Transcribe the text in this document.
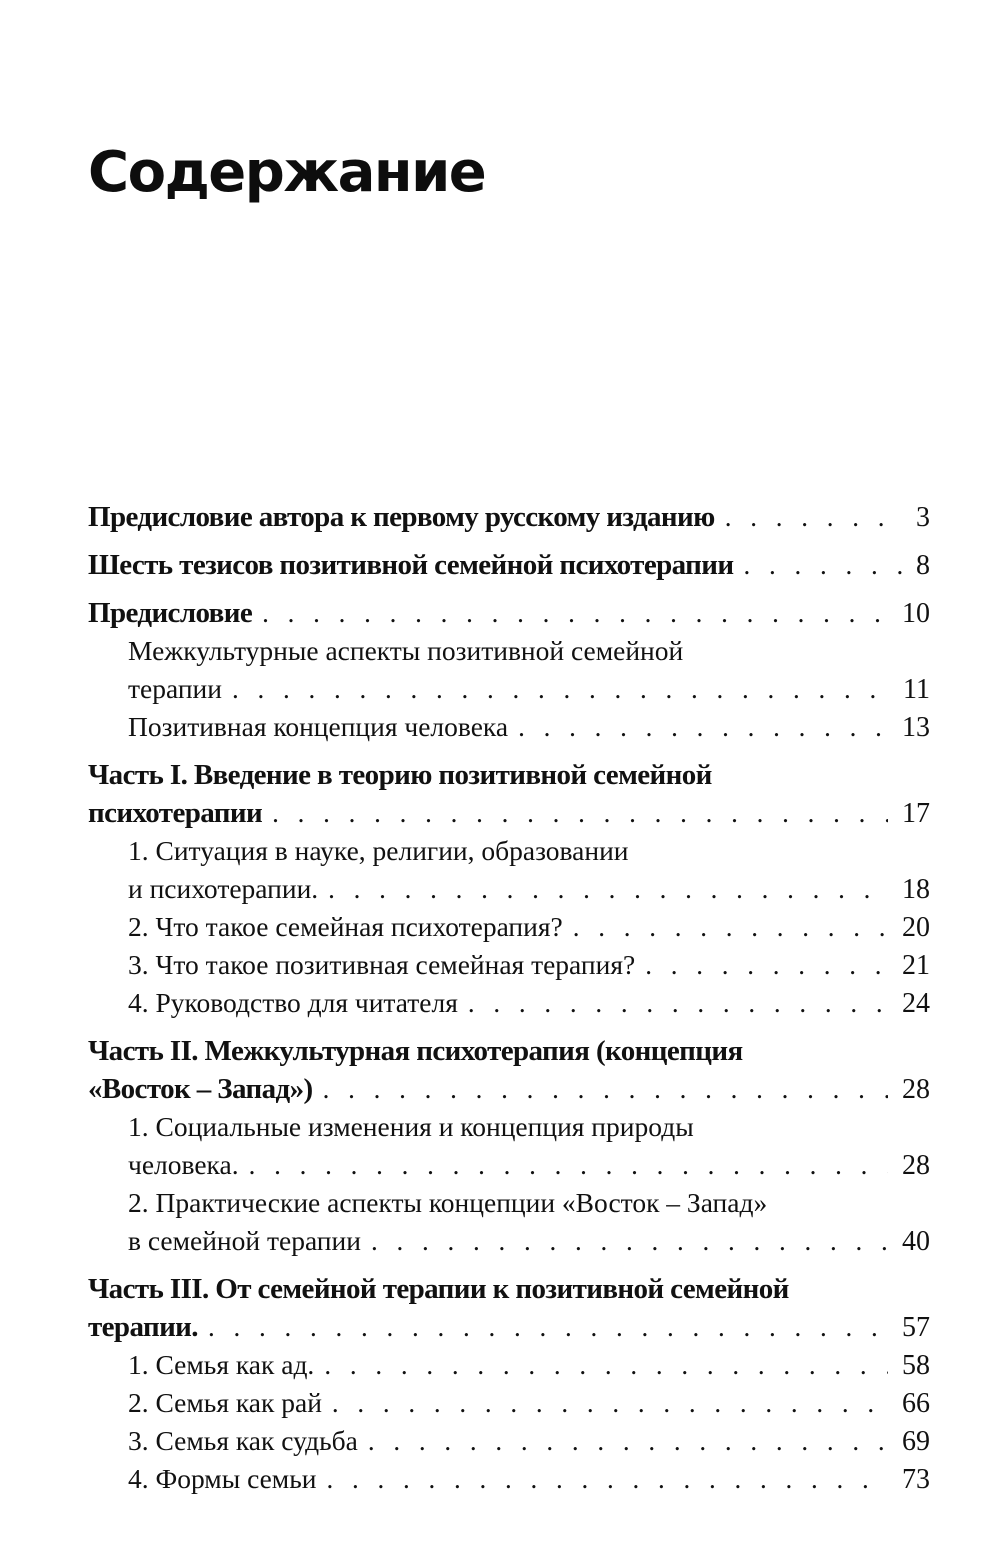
Содержание
Предисловие автора к первому русскому изданию . . .	3
Шесть тезисов позитивной семейной психотерапии . . .	8
Предисловие . . .	10
Межкультурные аспекты позитивной семейной
терапии . . .	11
Позитивная концепция человека . . .	13
Часть I. Введение в теорию позитивной семейной
психотерапии . . .	17
1. Ситуация в науке, религии, образовании
и психотерапии. . . .	18
2. Что такое семейная психотерапия? . . .	20
3. Что такое позитивная семейная терапия? . . .	21
4. Руководство для читателя . . .	24
Часть II. Межкультурная психотерапия (концепция
«Восток – Запад») . . .	28
1. Социальные изменения и концепция природы
человека. . . .	28
2. Практические аспекты концепции «Восток – Запад»
в семейной терапии . . .	40
Часть III. От семейной терапии к позитивной семейной
терапии. . . .	57
1. Семья как ад. . . .	58
2. Семья как рай . . .	66
3. Семья как судьба . . .	69
4. Формы семьи . . .	73
